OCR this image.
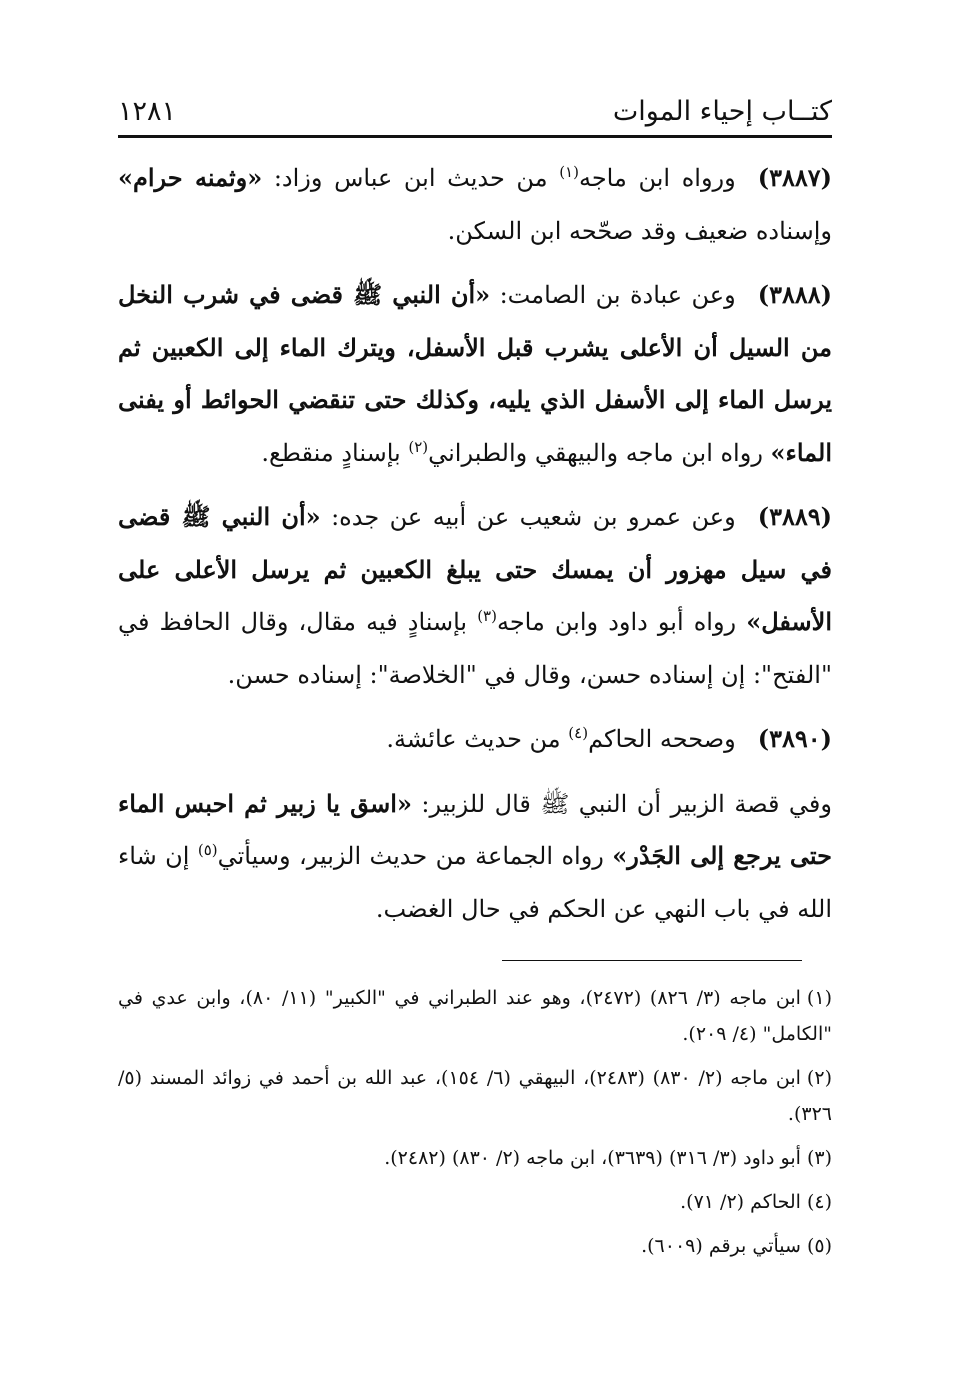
كتــاب إحياء الموات
١٢٨١

(٣٨٨٧)ورواه ابن ماجه$^{(١)}$ من حديث ابن عباس وزاد: «وثمنه حرام» وإسناده ضعيف وقد صحّحه ابن السكن.

(٣٨٨٨)وعن عبادة بن الصامت: «أن النبي ﷺ قضى في شرب النخل من السيل أن الأعلى يشرب قبل الأسفل، ويترك الماء إلى الكعبين ثم يرسل الماء إلى الأسفل الذي يليه، وكذلك حتى تنقضي الحوائط أو يفنى الماء» رواه ابن ماجه والبيهقي والطبراني$^{(٢)}$ بإسنادٍ منقطع.

(٣٨٨٩)وعن عمرو بن شعيب عن أبيه عن جده: «أن النبي ﷺ قضى في سيل مهزور أن يمسك حتى يبلغ الكعبين ثم يرسل الأعلى على الأسفل» رواه أبو داود وابن ماجه$^{(٣)}$ بإسنادٍ فيه مقال، وقال الحافظ في "الفتح": إن إسناده حسن، وقال في "الخلاصة": إسناده حسن.

(٣٨٩٠)وصححه الحاكم$^{(٤)}$ من حديث عائشة.

وفي قصة الزبير أن النبي ﷺ قال للزبير: «اسق يا زبير ثم احبس الماء حتى يرجع إلى الجَدْر» رواه الجماعة من حديث الزبير، وسيأتي$^{(٥)}$ إن شاء الله في باب النهي عن الحكم في حال الغضب.

(١)ابن ماجه (٣/ ٨٢٦) (٢٤٧٢)، وهو عند الطبراني في "الكبير" (١١/ ٨٠)، وابن عدي في "الكامل" (٤/ ٢٠٩).

(٢)ابن ماجه (٢/ ٨٣٠) (٢٤٨٣)، البيهقي (٦/ ١٥٤)، عبد الله بن أحمد في زوائد المسند (٥/ ٣٢٦).

(٣)أبو داود (٣/ ٣١٦) (٣٦٣٩)، ابن ماجه (٢/ ٨٣٠) (٢٤٨٢).

(٤)الحاكم (٢/ ٧١).

(٥)سيأتي برقم (٦٠٠٩).
